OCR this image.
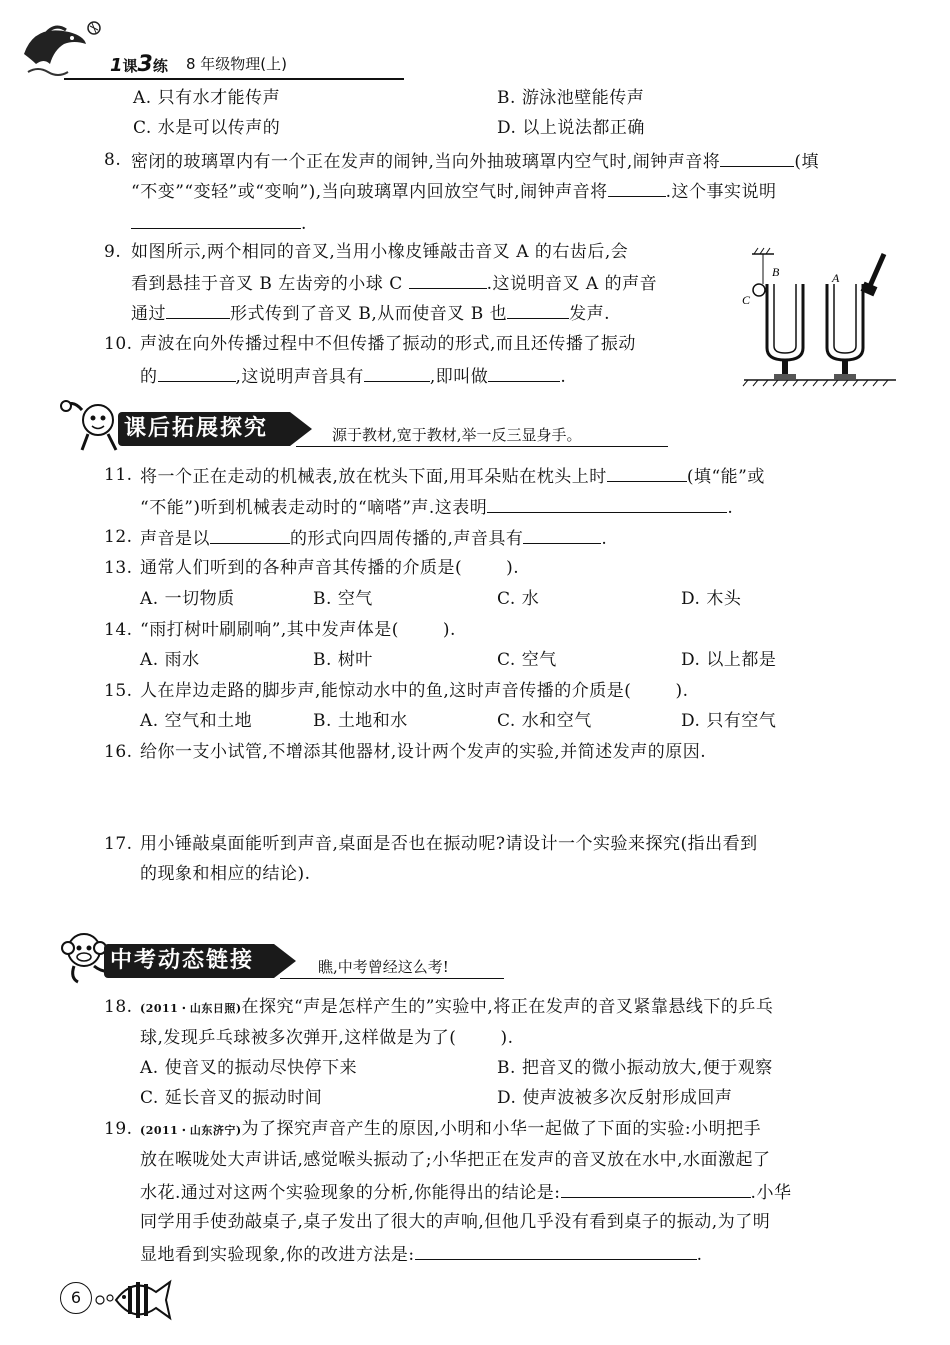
1课3练 8 年级物理(上)
A. 只有水才能传声	B. 游泳池壁能传声
C. 水是可以传声的	D. 以上说法都正确
8. 密闭的玻璃罩内有一个正在发声的闹钟,当向外抽玻璃罩内空气时,闹钟声音将	(填
“不变”“变轻”或“变响”),当向玻璃罩内回放空气时,闹钟声音将	.这个事实说明
.
9. 如图所示,两个相同的音叉,当用小橡皮锤敲击音叉 A 的右齿后,会
看到悬挂于音叉 B 左齿旁的小球 C	.这说明音叉 A 的声音
通过	形式传到了音叉 B,从而使音叉 B 也	发声.
10. 声波在向外传播过程中不但传播了振动的形式,而且还传播了振动
的	,这说明声音具有	,即叫做	.
C
B	A
课后拓展探究	源于教材,宽于教材,举一反三显身手。
11. 将一个正在走动的机械表,放在枕头下面,用耳朵贴在枕头上时	(填“能”或
“不能”)听到机械表走动时的“嘀嗒”声.这表明	.
12. 声音是以	的形式向四周传播的,声音具有	.
13. 通常人们听到的各种声音其传播的介质是(	).
A. 一切物质	B. 空气	C. 水	D. 木头
14. “雨打树叶刷刷响”,其中发声体是(	).
A. 雨水	B. 树叶	C. 空气	D. 以上都是
15. 人在岸边走路的脚步声,能惊动水中的鱼,这时声音传播的介质是(	).
A. 空气和土地	B. 土地和水	C. 水和空气	D. 只有空气
16. 给你一支小试管,不增添其他器材,设计两个发声的实验,并简述发声的原因.
17. 用小锤敲桌面能听到声音,桌面是否也在振动呢?请设计一个实验来探究(指出看到
的现象和相应的结论).
中考动态链接	瞧,中考曾经这么考!
18. (2011・山东日照)在探究“声是怎样产生的”实验中,将正在发声的音叉紧靠悬线下的乒乓
球,发现乒乓球被多次弹开,这样做是为了(	).
A. 使音叉的振动尽快停下来	B. 把音叉的微小振动放大,便于观察
C. 延长音叉的振动时间	D. 使声波被多次反射形成回声
19. (2011・山东济宁)为了探究声音产生的原因,小明和小华一起做了下面的实验:小明把手
放在喉咙处大声讲话,感觉喉头振动了;小华把正在发声的音叉放在水中,水面激起了
水花.通过对这两个实验现象的分析,你能得出的结论是:	.小华
同学用手使劲敲桌子,桌子发出了很大的声响,但他几乎没有看到桌子的振动,为了明
显地看到实验现象,你的改进方法是:	.
6
